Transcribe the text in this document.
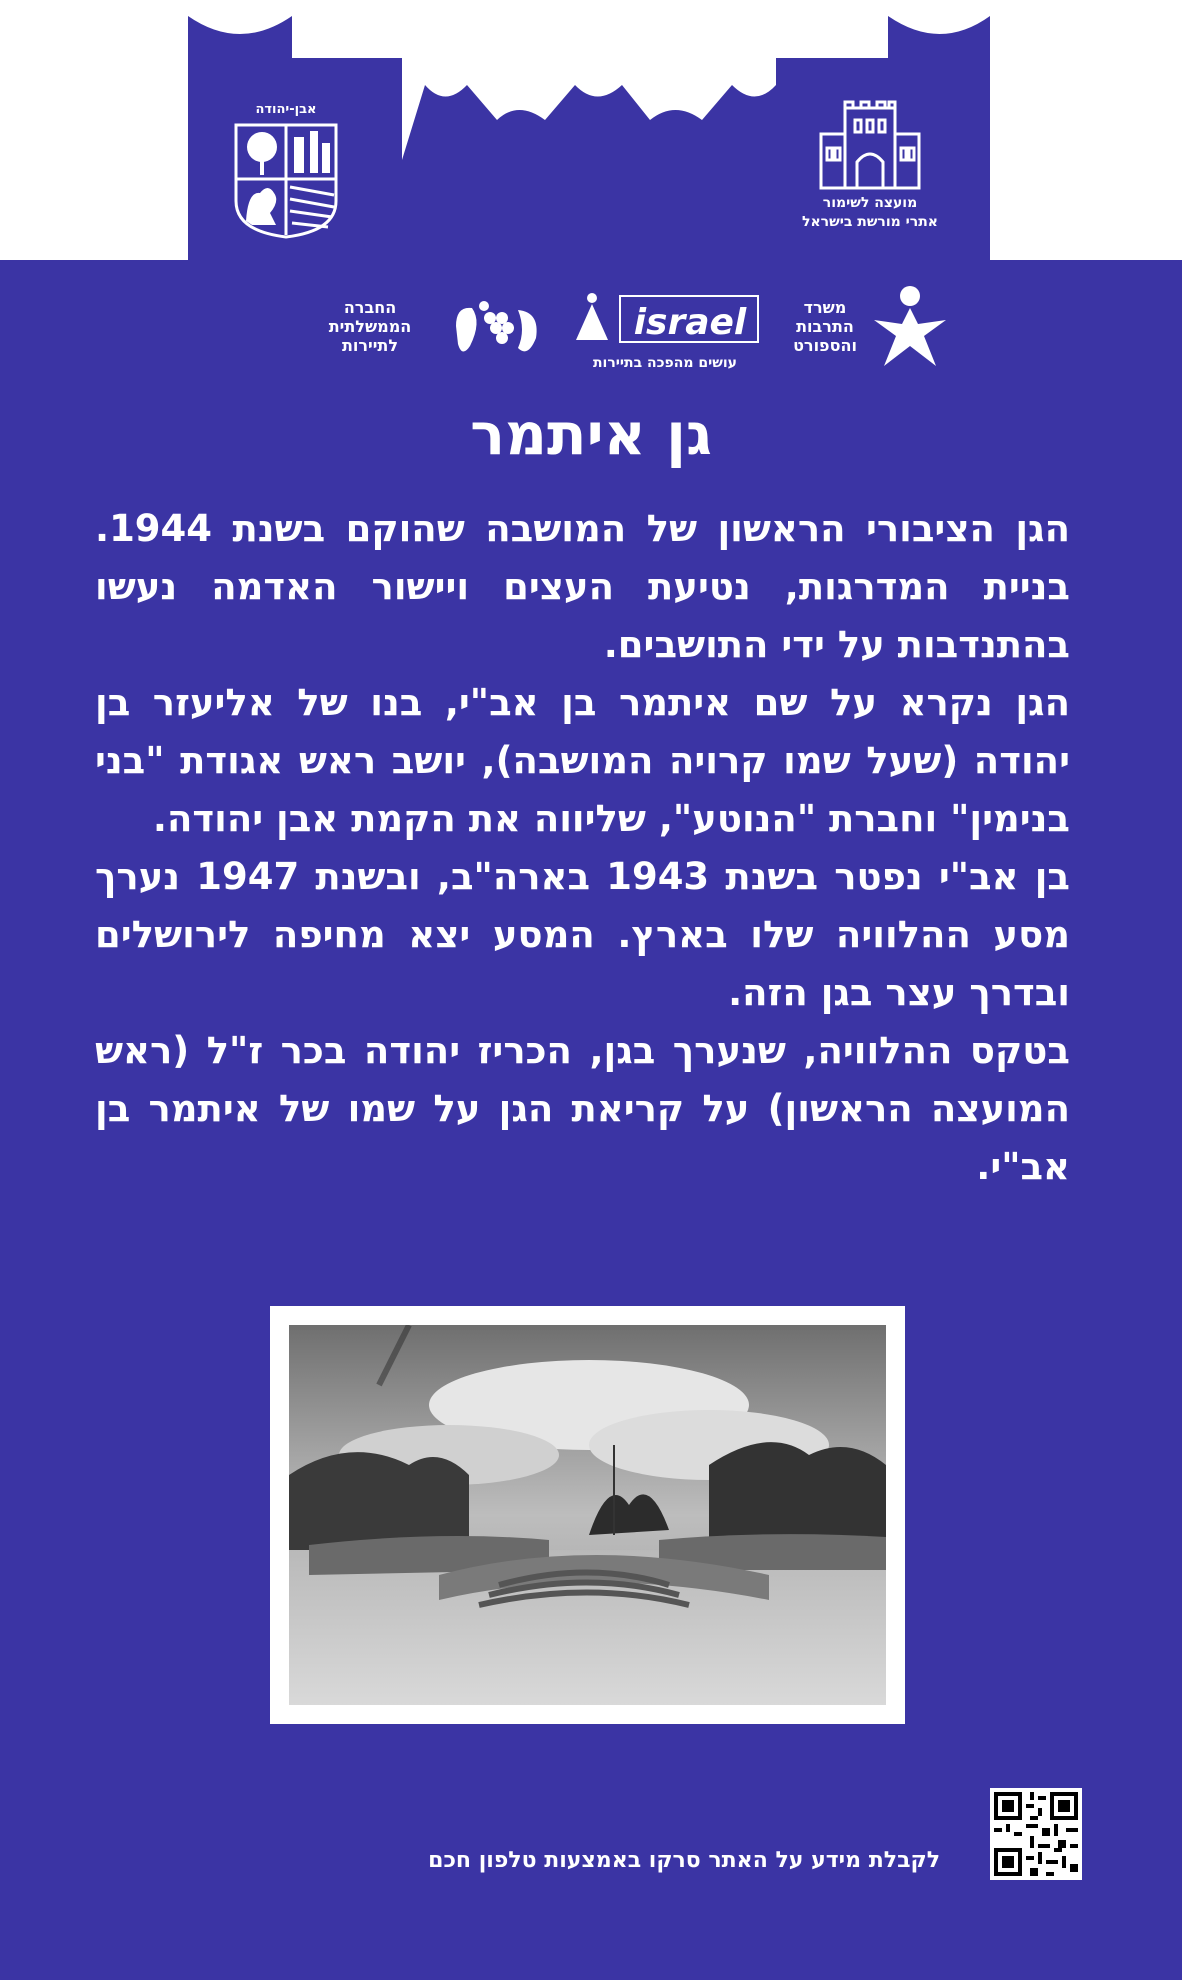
אבן-יהודה
מועצה לשימור
אתרי מורשת בישראל
החברה
הממשלתית
לתיירות
israel
עושים מהפכה בתיירות
משרד
התרבות
והספורט
גן איתמר

הגן הציבורי הראשון של המושבה שהוקם בשנת 1944. בניית המדרגות, נטיעת העצים ויישור האדמה נעשו בהתנדבות על ידי התושבים.

הגן נקרא על שם איתמר בן אב"י, בנו של אליעזר בן יהודה (שעל שמו קרויה המושבה), יושב ראש אגודת "בני בנימין" וחברת "הנוטע", שליווה את הקמת אבן יהודה.

בן אב"י נפטר בשנת 1943 בארה"ב, ובשנת 1947 נערך מסע ההלוויה שלו בארץ. המסע יצא מחיפה לירושלים ובדרך עצר בגן הזה.

בטקס ההלוויה, שנערך בגן, הכריז יהודה בכר ז"ל (ראש המועצה הראשון) על קריאת הגן על שמו של איתמר בן אב"י.

לקבלת מידע על האתר סרקו באמצעות טלפון חכם
